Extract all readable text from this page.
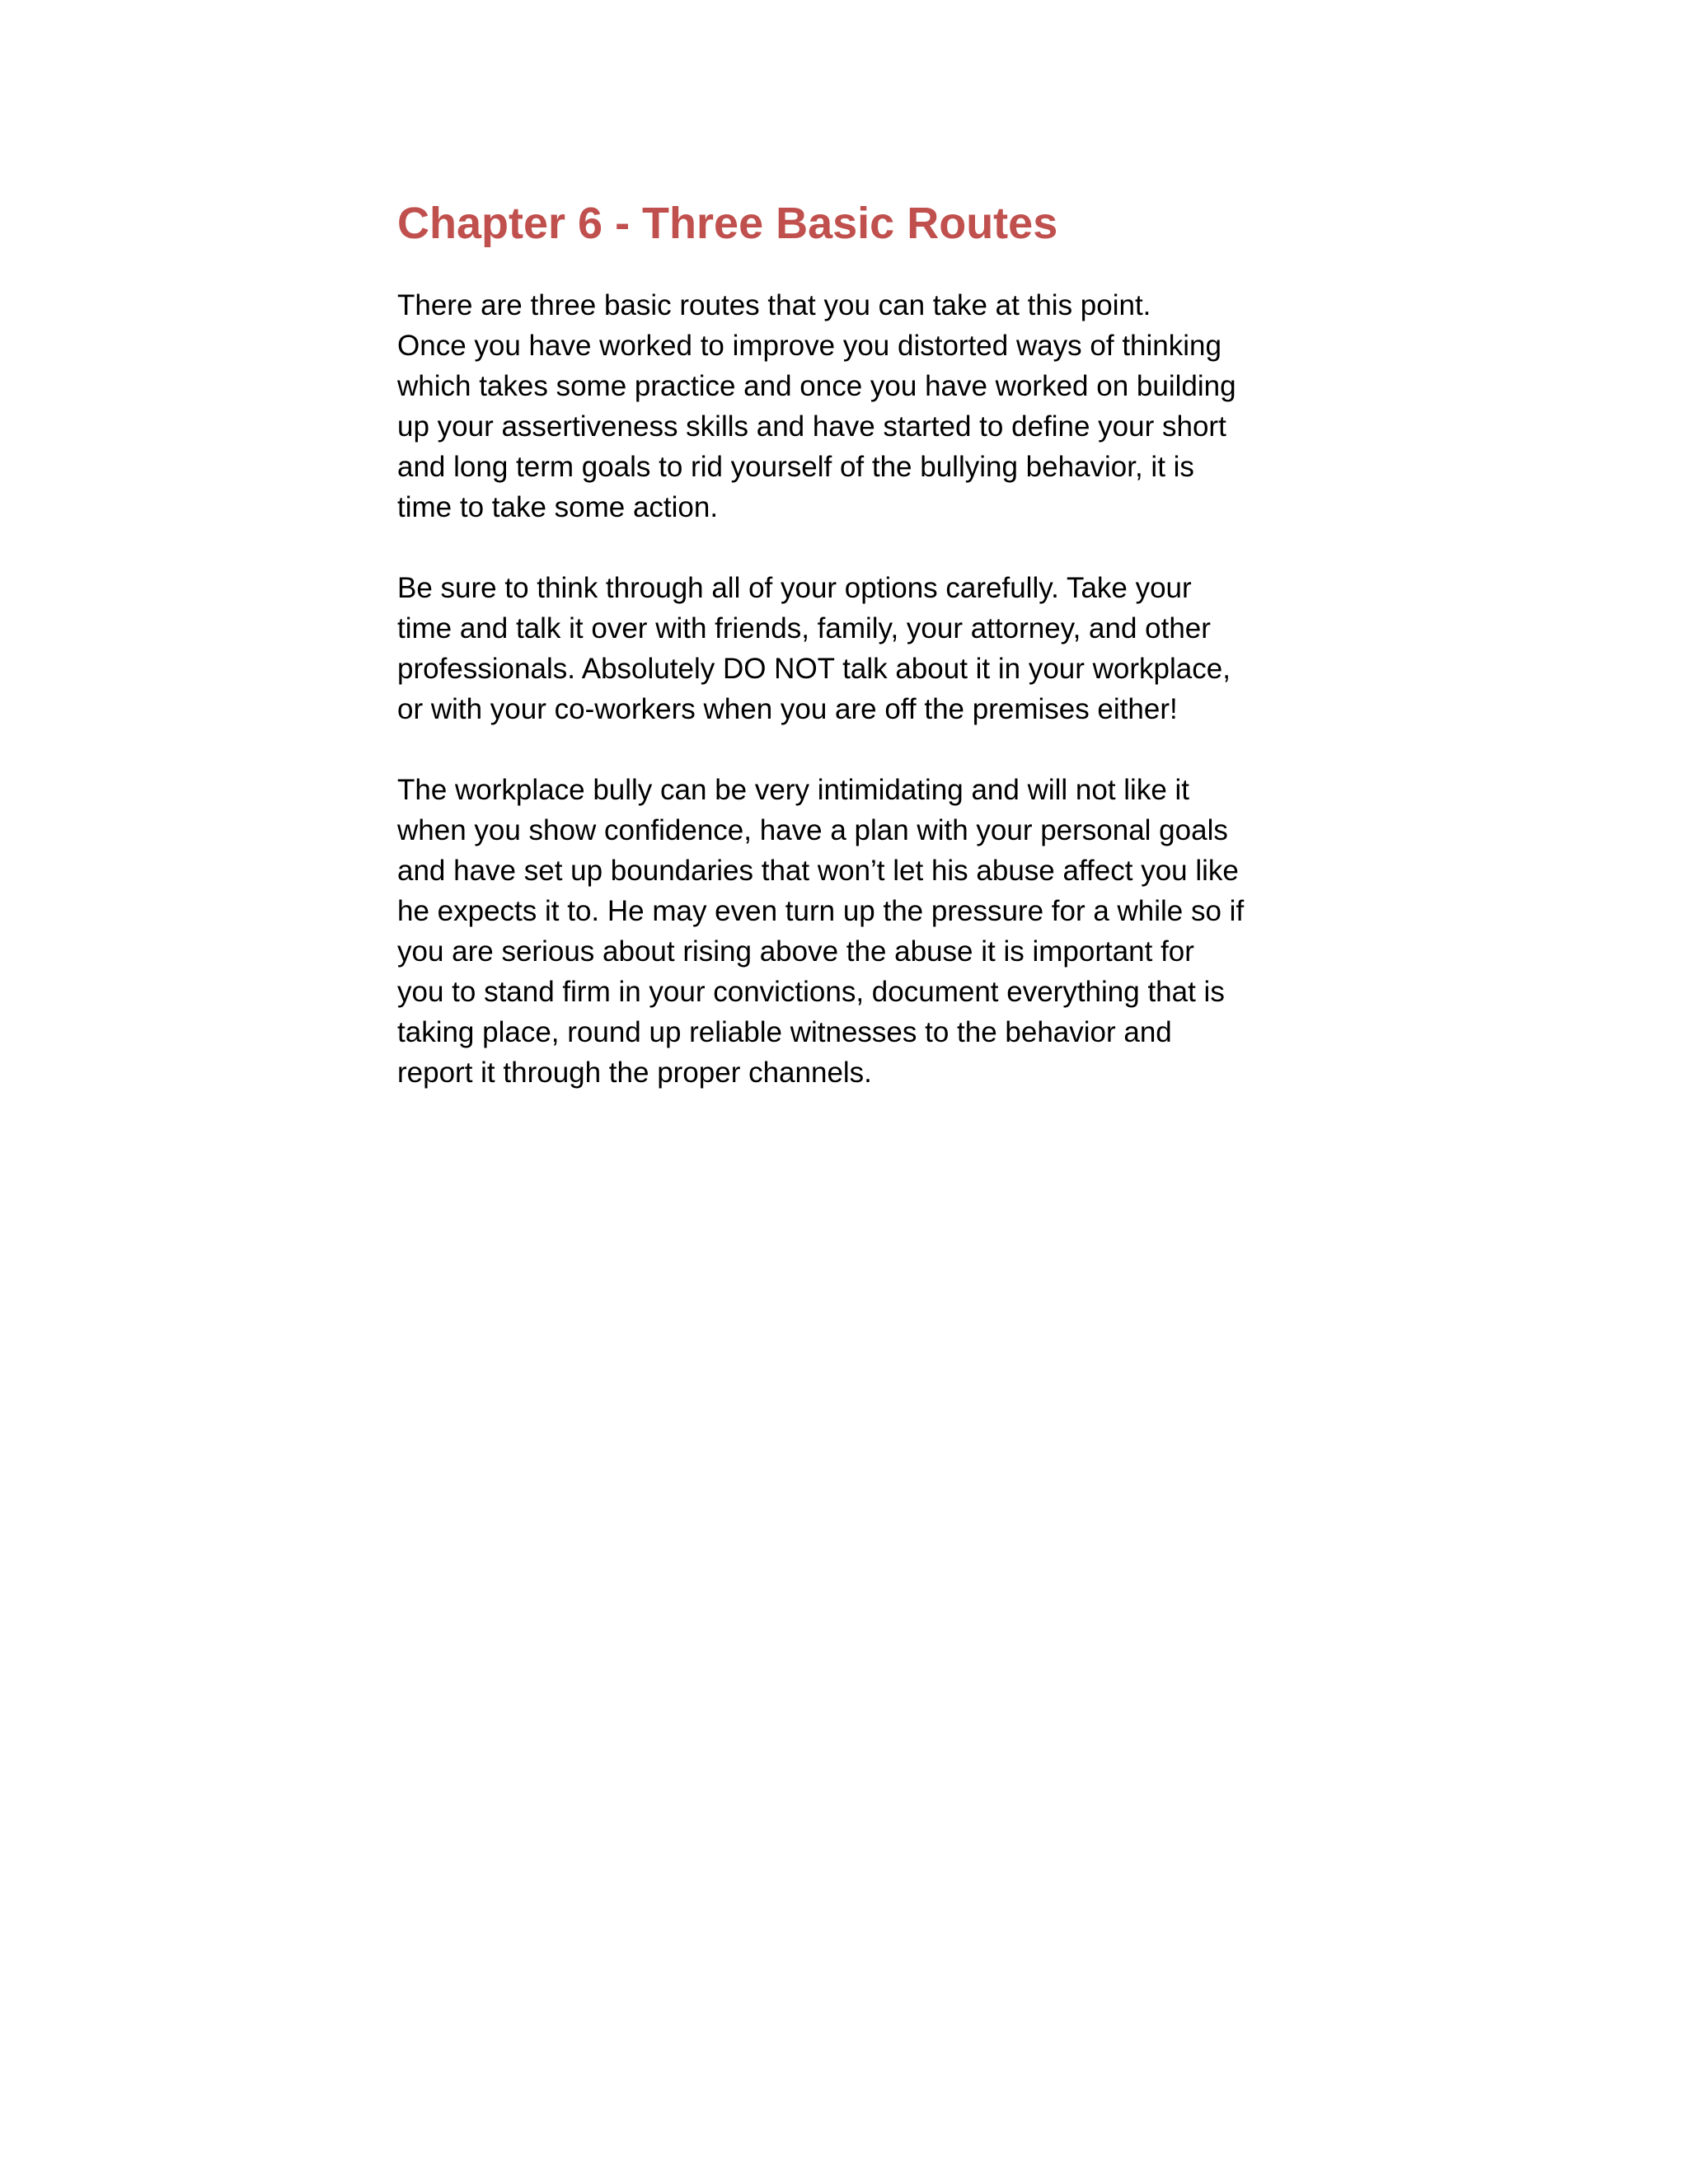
Chapter 6 - Three Basic Routes

There are three basic routes that you can take at this point.
Once you have worked to improve you distorted ways of thinking
which takes some practice and once you have worked on building
up your assertiveness skills and have started to define your short
and long term goals to rid yourself of the bullying behavior, it is
time to take some action.

Be sure to think through all of your options carefully. Take your
time and talk it over with friends, family, your attorney, and other
professionals. Absolutely DO NOT talk about it in your workplace,
or with your co-workers when you are off the premises either!

The workplace bully can be very intimidating and will not like it
when you show confidence, have a plan with your personal goals
and have set up boundaries that won’t let his abuse affect you like
he expects it to. He may even turn up the pressure for a while so if
you are serious about rising above the abuse it is important for
you to stand firm in your convictions, document everything that is
taking place, round up reliable witnesses to the behavior and
report it through the proper channels.
